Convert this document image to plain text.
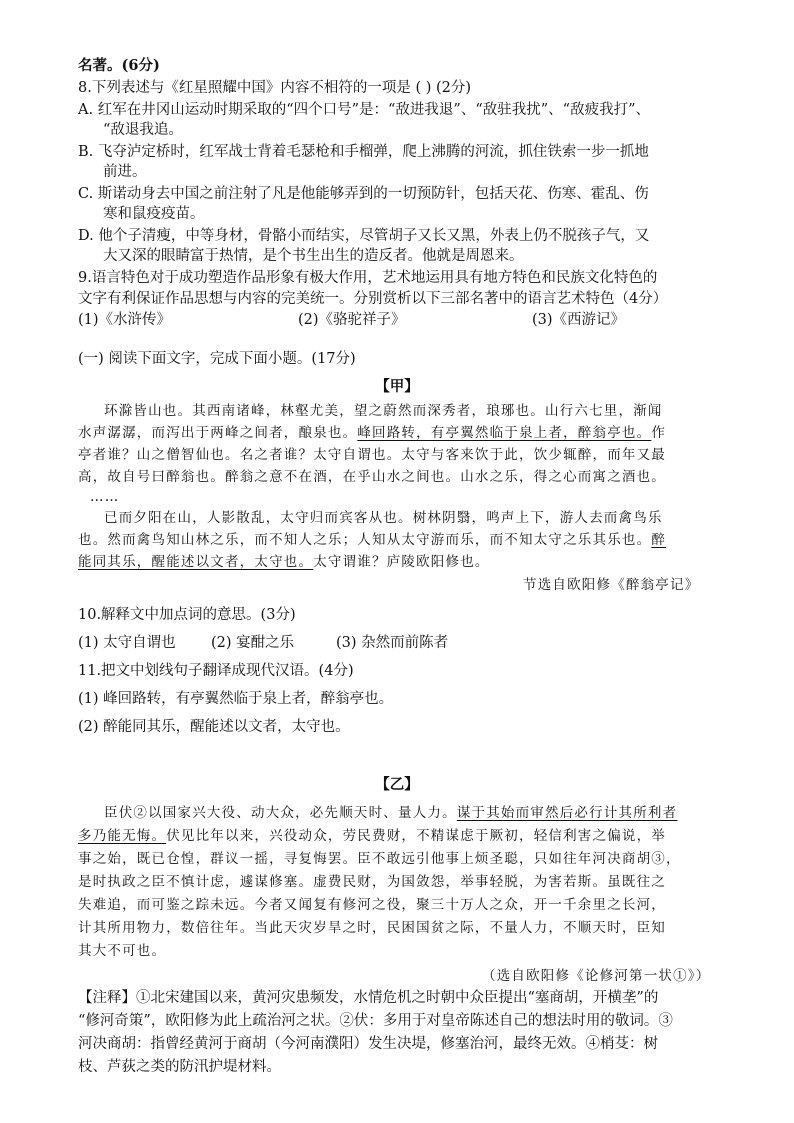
名著。(6分)
8.下列表述与《红星照耀中国》内容不相符的一项是 ( ) (2分)
A. 红军在井冈山运动时期采取的“四个口号”是：“敌进我退”、“敌驻我扰”、“敌疲我打”、
“敌退我追。
B. 飞夺泸定桥时，红军战士背着毛瑟枪和手榴弹，爬上沸腾的河流，抓住铁索一步一抓地
前进。
C. 斯诺动身去中国之前注射了凡是他能够弄到的一切预防针，包括天花、伤寒、霍乱、伤
寒和鼠疫疫苗。
D. 他个子清瘦，中等身材，骨骼小而结实，尽管胡子又长又黑，外表上仍不脱孩子气，又
大又深的眼睛富于热情，是个书生出生的造反者。他就是周恩来。
9.语言特色对于成功塑造作品形象有极大作用，艺术地运用具有地方特色和民族文化特色的
文字有利保证作品思想与内容的完美统一。分别赏析以下三部名著中的语言艺术特色（4分）
(1)《水浒传》	(2)《骆驼祥子》	(3)《西游记》
(一) 阅读下面文字，完成下面小题。(17分)
【甲】
环滁皆山也。其西南诸峰，林壑尤美，望之蔚然而深秀者，琅琊也。山行六七里，渐闻
水声潺潺，而泻出于两峰之间者，酿泉也。峰回路转，有亭翼然临于泉上者，醉翁亭也。作
亭者谁？山之僧智仙也。名之者谁？太守自谓也。太守与客来饮于此，饮少辄醉，而年又最
高，故自号曰醉翁也。醉翁之意不在酒，在乎山水之间也。山水之乐，得之心而寓之酒也。
……
已而夕阳在山，人影散乱，太守归而宾客从也。树林阴翳，鸣声上下，游人去而禽鸟乐
也。然而禽鸟知山林之乐，而不知人之乐；人知从太守游而乐，而不知太守之乐其乐也。醉
能同其乐，醒能述以文者，太守也。太守谓谁？庐陵欧阳修也。
节选自欧阳修《醉翁亭记》
10.解释文中加点词的意思。(3分)
(1) 太守自谓也 (2) 宴酣之乐	(3) 杂然而前陈者
11.把文中划线句子翻译成现代汉语。(4分)
(1) 峰回路转，有亭翼然临于泉上者，醉翁亭也。
(2) 醉能同其乐，醒能述以文者，太守也。
【乙】
臣伏②以国家兴大役、动大众，必先顺天时、量人力。谋于其始而审然后必行计其所利者
多乃能无悔。伏见比年以来，兴役动众，劳民费财，不精谋虑于厥初，轻信利害之偏说，举
事之始，既已仓惶，群议一摇，寻复悔罢。臣不敢远引他事上烦圣聪，只如往年河决商胡③，
是时执政之臣不慎计虑，遽谋修塞。虚费民财，为国敛怨，举事轻脱，为害若斯。虽既往之
失难追，而可鉴之踪未远。今者又闻复有修河之役，聚三十万人之众，开一千余里之长河，
计其所用物力，数倍往年。当此天灾岁旱之时，民困国贫之际，不量人力，不顺天时，臣知
其大不可也。
（选自欧阳修《论修河第一状①》）
【注释】①北宋建国以来，黄河灾患频发，水情危机之时朝中众臣提出“塞商胡，开横垄”的
“修河奇策”，欧阳修为此上疏治河之状。②伏：多用于对皇帝陈述自己的想法时用的敬词。③
河决商胡：指曾经黄河于商胡（今河南濮阳）发生决堤，修塞治河，最终无效。④梢芟：树
枝、芦荻之类的防汛护堤材料。
